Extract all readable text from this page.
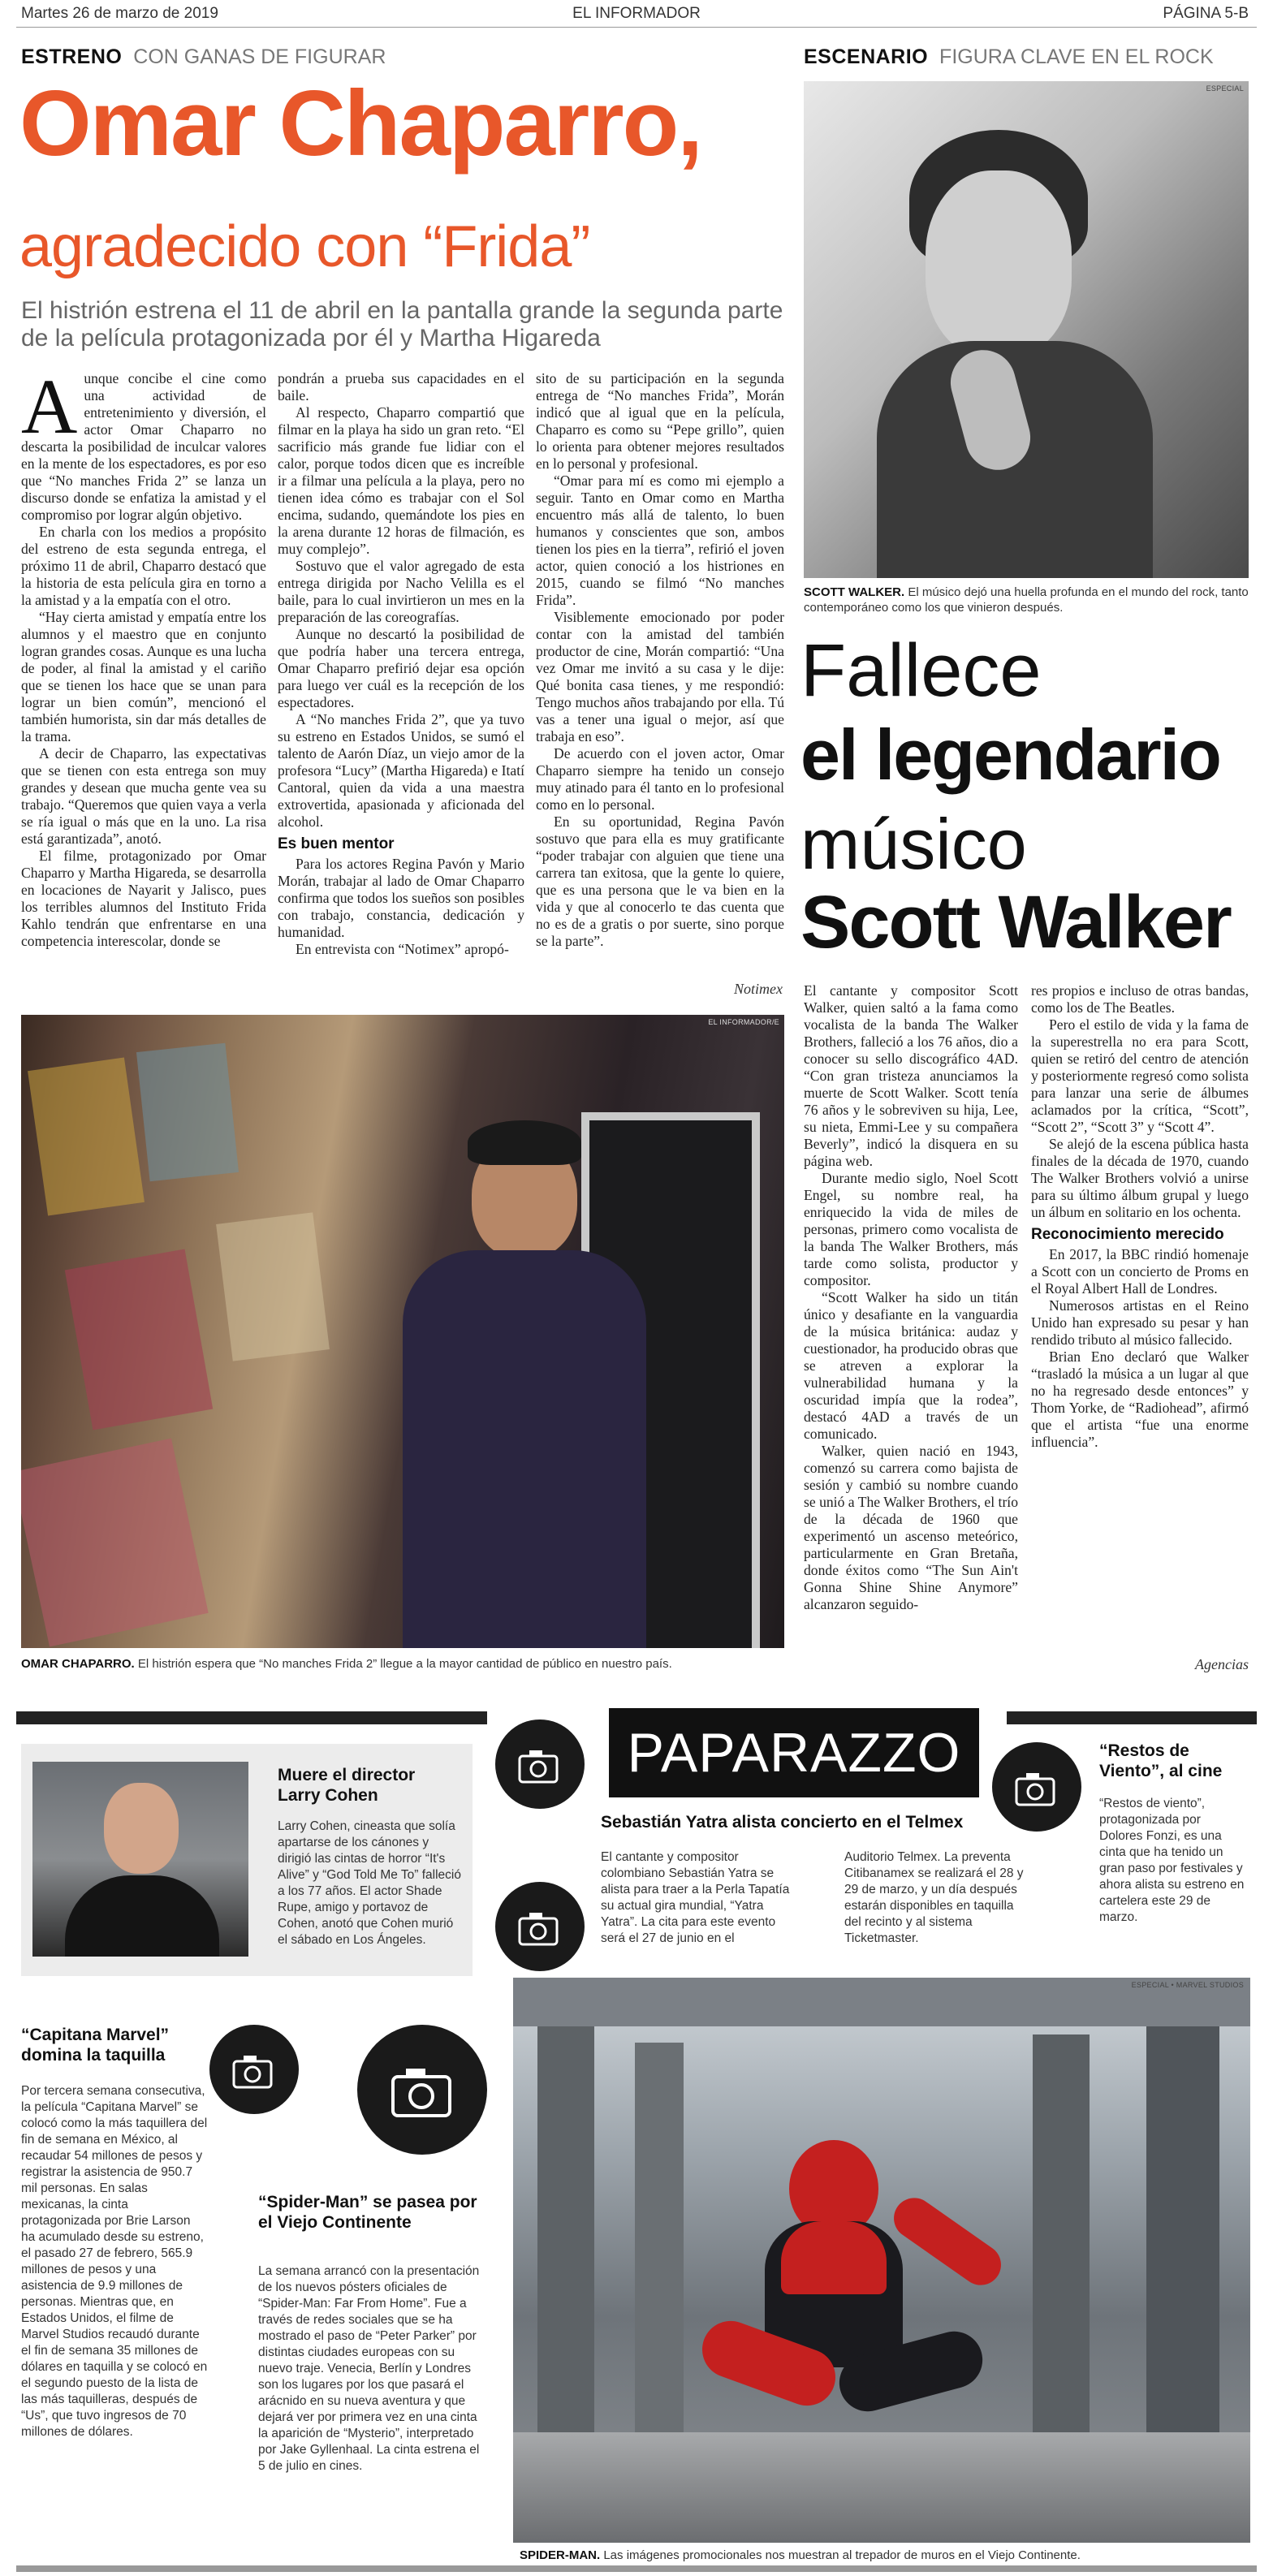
Martes 26 de marzo de 2019	EL INFORMADOR	PÁGINA 5-B
ESTRENO CON GANAS DE FIGURAR
Omar Chaparro,
agradecido con “Frida”
El histrión estrena el 11 de abril en la pantalla grande la segunda parte de la película protagonizada por él y Martha Higareda
A unque concibe el cine como una actividad de entretenimiento y diversión, el actor Omar Chaparro no descarta la posibilidad de inculcar valores en la mente de los espectadores, es por eso que “No manches Frida 2” se lanza un discurso donde se enfatiza la amistad y el compromiso por lograr algún objetivo.

En charla con los medios a propósito del estreno de esta segunda entrega, el próximo 11 de abril, Chaparro destacó que la historia de esta película gira en torno a la amistad y a la empatía con el otro.

“Hay cierta amistad y empatía entre los alumnos y el maestro que en conjunto logran grandes cosas. Aunque es una lucha de poder, al final la amistad y el cariño que se tienen los hace que se unan para lograr un bien común”, mencionó el también humorista, sin dar más detalles de la trama.

A decir de Chaparro, las expectativas que se tienen con esta entrega son muy grandes y desean que mucha gente vea su trabajo. “Queremos que quien vaya a verla se ría igual o más que en la uno. La risa está garantizada”, anotó.

El filme, protagonizado por Omar Chaparro y Martha Higareda, se desarrolla en locaciones de Nayarit y Jalisco, pues los terribles alumnos del Instituto Frida Kahlo tendrán que enfrentarse en una competencia interescolar, donde se

pondrán a prueba sus capacidades en el baile.

Al respecto, Chaparro compartió que filmar en la playa ha sido un gran reto. “El sacrificio más grande fue lidiar con el calor, porque todos dicen que es increíble ir a filmar una película a la playa, pero no tienen idea cómo es trabajar con el Sol encima, sudando, quemándote los pies en la arena durante 12 horas de filmación, es muy complejo”.

Sostuvo que el valor agregado de esta entrega dirigida por Nacho Velilla es el baile, para lo cual invirtieron un mes en la preparación de las coreografías.

Aunque no descartó la posibilidad de que podría haber una tercera entrega, Omar Chaparro prefirió dejar esa opción para luego ver cuál es la recepción de los espectadores.

A “No manches Frida 2”, que ya tuvo su estreno en Estados Unidos, se sumó el talento de Aarón Díaz, un viejo amor de la profesora “Lucy” (Martha Higareda) e Itatí Cantoral, quien da vida a una maestra extrovertida, apasionada y aficionada del alcohol.

Es buen mentor

Para los actores Regina Pavón y Mario Morán, trabajar al lado de Omar Chaparro confirma que todos los sueños son posibles con trabajo, constancia, dedicación y humanidad.

En entrevista con “Notimex” apropó-

sito de su participación en la segunda entrega de “No manches Frida”, Morán indicó que al igual que en la película, Chaparro es como su “Pepe grillo”, quien lo orienta para obtener mejores resultados en lo personal y profesional.

“Omar para mí es como mi ejemplo a seguir. Tanto en Omar como en Martha encuentro más allá de talento, lo buen humanos y conscientes que son, ambos tienen los pies en la tierra”, refirió el joven actor, quien conoció a los histriones en 2015, cuando se filmó “No manches Frida”.

Visiblemente emocionado por poder contar con la amistad del también productor de cine, Morán compartió: “Una vez Omar me invitó a su casa y le dije: Qué bonita casa tienes, y me respondió: Tengo muchos años trabajando por ella. Tú vas a tener una igual o mejor, así que trabaja en eso”.

De acuerdo con el joven actor, Omar Chaparro siempre ha tenido un consejo muy atinado para él tanto en lo profesional como en lo personal.

En su oportunidad, Regina Pavón sostuvo que para ella es muy gratificante “poder trabajar con alguien que tiene una carrera tan exitosa, que la gente lo quiere, que es una persona que le va bien en la vida y que al conocerlo te das cuenta que no es de a gratis o por suerte, sino porque se la parte”.

Notimex
EL INFORMADOR/E
OMAR CHAPARRO. El histrión espera que “No manches Frida 2” llegue a la mayor cantidad de público en nuestro país.
ESCENARIO FIGURA CLAVE EN EL ROCK
ESPECIAL
SCOTT WALKER. El músico dejó una huella profunda en el mundo del rock, tanto contemporáneo como los que vinieron después.
Fallece
el legendario
músico
Scott Walker

El cantante y compositor Scott Walker, quien saltó a la fama como vocalista de la banda The Walker Brothers, falleció a los 76 años, dio a conocer su sello discográfico 4AD. “Con gran tristeza anunciamos la muerte de Scott Walker. Scott tenía 76 años y le sobreviven su hija, Lee, su nieta, Emmi-Lee y su compañera Beverly”, indicó la disquera en su página web.

Durante medio siglo, Noel Scott Engel, su nombre real, ha enriquecido la vida de miles de personas, primero como vocalista de la banda The Walker Brothers, más tarde como solista, productor y compositor.

“Scott Walker ha sido un titán único y desafiante en la vanguardia de la música británica: audaz y cuestionador, ha producido obras que se atreven a explorar la vulnerabilidad humana y la oscuridad impía que la rodea”, destacó 4AD a través de un comunicado.

Walker, quien nació en 1943, comenzó su carrera como bajista de sesión y cambió su nombre cuando se unió a The Walker Brothers, el trío de la década de 1960 que experimentó un ascenso meteórico, particularmente en Gran Bretaña, donde éxitos como “The Sun Ain't Gonna Shine Shine Anymore” alcanzaron seguido-

res propios e incluso de otras bandas, como los de The Beatles.

Pero el estilo de vida y la fama de la superestrella no era para Scott, quien se retiró del centro de atención y posteriormente regresó como solista para lanzar una serie de álbumes aclamados por la crítica, “Scott”, “Scott 2”, “Scott 3” y “Scott 4”.

Se alejó de la escena pública hasta finales de la década de 1970, cuando The Walker Brothers volvió a unirse para su último álbum grupal y luego un álbum en solitario en los ochenta.

Reconocimiento merecido

En 2017, la BBC rindió homenaje a Scott con un concierto de Proms en el Royal Albert Hall de Londres.

Numerosos artistas en el Reino Unido han expresado su pesar y han rendido tributo al músico fallecido.

Brian Eno declaró que Walker “trasladó la música a un lugar al que no ha regresado desde entonces” y Thom Yorke, de “Radiohead”, afirmó que el artista “fue una enorme influencia”.

Agencias
PAPARAZZO
Muere el director Larry Cohen
Larry Cohen, cineasta que solía apartarse de los cánones y dirigió las cintas de horror “It's Alive” y “God Told Me To” falleció a los 77 años. El actor Shade Rupe, amigo y portavoz de Cohen, anotó que Cohen murió el sábado en Los Ángeles.
Sebastián Yatra alista concierto en el Telmex
El cantante y compositor colombiano Sebastián Yatra se alista para traer a la Perla Tapatía su actual gira mundial, “Yatra Yatra”. La cita para este evento será el 27 de junio en el
Auditorio Telmex. La preventa Citibanamex se realizará el 28 y 29 de marzo, y un día después estarán disponibles en taquilla del recinto y al sistema Ticketmaster.
“Restos de Viento”, al cine
“Restos de viento”, protagonizada por Dolores Fonzi, es una cinta que ha tenido un gran paso por festivales y ahora alista su estreno en cartelera este 29 de marzo.
“Capitana Marvel” domina la taquilla
Por tercera semana consecutiva, la película “Capitana Marvel” se colocó como la más taquillera del fin de semana en México, al recaudar 54 millones de pesos y registrar la asistencia de 950.7 mil personas. En salas mexicanas, la cinta protagonizada por Brie Larson ha acumulado desde su estreno, el pasado 27 de febrero, 565.9 millones de pesos y una asistencia de 9.9 millones de personas. Mientras que, en Estados Unidos, el filme de Marvel Studios recaudó durante el fin de semana 35 millones de dólares en taquilla y se colocó en el segundo puesto de la lista de las más taquilleras, después de “Us”, que tuvo ingresos de 70 millones de dólares.
“Spider-Man” se pasea por el Viejo Continente
La semana arrancó con la presentación de los nuevos pósters oficiales de “Spider-Man: Far From Home”. Fue a través de redes sociales que se ha mostrado el paso de “Peter Parker” por distintas ciudades europeas con su nuevo traje. Venecia, Berlín y Londres son los lugares por los que pasará el arácnido en su nueva aventura y que dejará ver por primera vez en una cinta la aparición de “Mysterio”, interpretado por Jake Gyllenhaal. La cinta estrena el 5 de julio en cines.
ESPECIAL • MARVEL STUDIOS
SPIDER-MAN. Las imágenes promocionales nos muestran al trepador de muros en el Viejo Continente.
